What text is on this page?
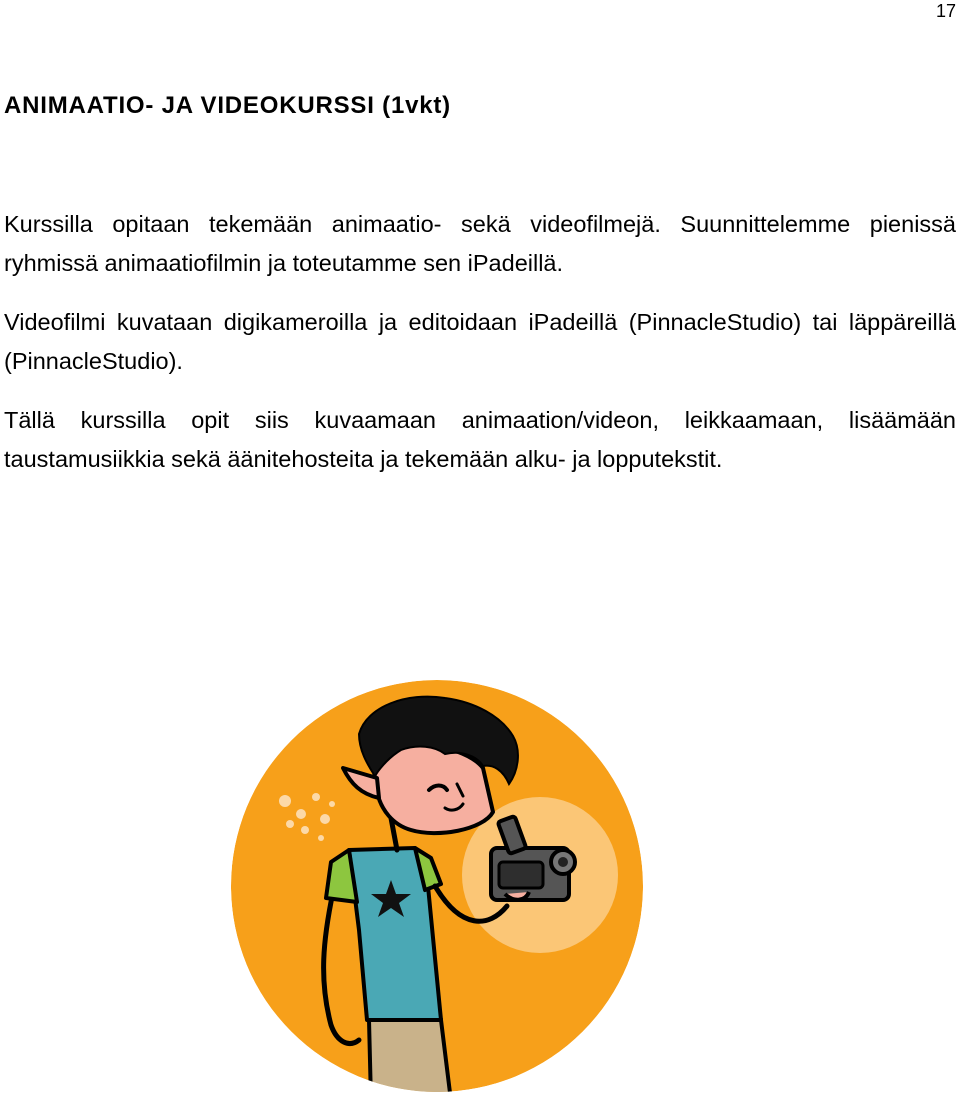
17
ANIMAATIO- JA VIDEOKURSSI (1vkt)

Kurssilla opitaan tekemään animaatio- sekä videofilmejä. Suunnittelemme pienissä ryhmissä animaatiofilmin ja toteutamme sen iPadeillä.

Videofilmi kuvataan digikameroilla ja editoidaan iPadeillä (PinnacleStudio) tai läppäreillä (PinnacleStudio).

Tällä kurssilla opit siis kuvaamaan animaation/videon, leikkaamaan, lisäämään taustamusiikkia sekä äänitehosteita ja tekemään alku- ja lopputekstit.
